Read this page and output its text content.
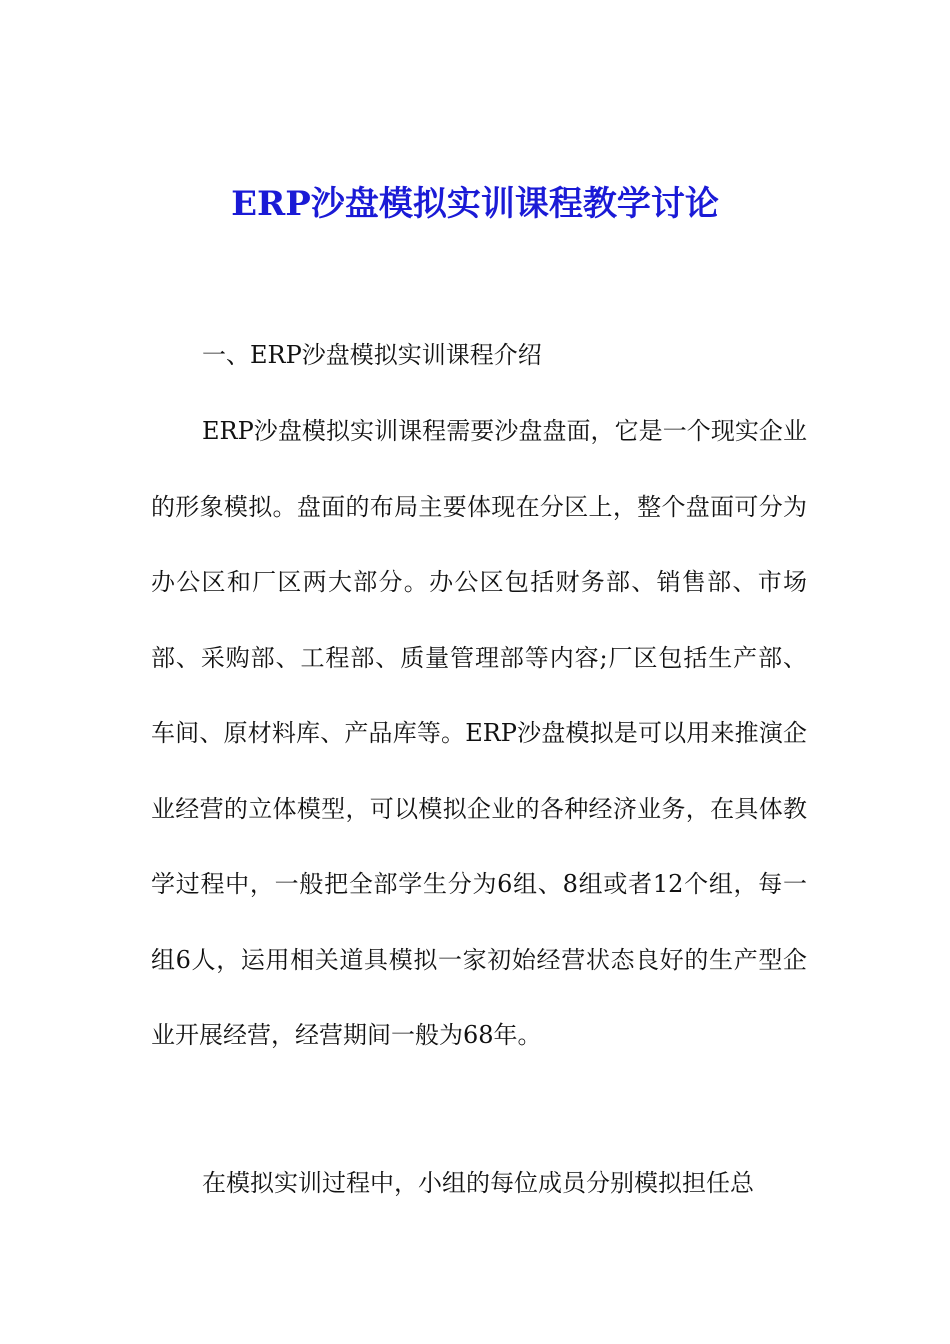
ERP沙盘模拟实训课程教学讨论

一、ERP沙盘模拟实训课程介绍

ERP沙盘模拟实训课程需要沙盘盘面，它是一个现实企业的形象模拟。盘面的布局主要体现在分区上，整个盘面可分为办公区和厂区两大部分。办公区包括财务部、销售部、市场部、采购部、工程部、质量管理部等内容;厂区包括生产部、车间、原材料库、产品库等。ERP沙盘模拟是可以用来推演企业经营的立体模型，可以模拟企业的各种经济业务，在具体教学过程中，一般把全部学生分为6组、8组或者12个组，每一组6人，运用相关道具模拟一家初始经营状态良好的生产型企业开展经营，经营期间一般为68年。

在模拟实训过程中，小组的每位成员分别模拟担任总
